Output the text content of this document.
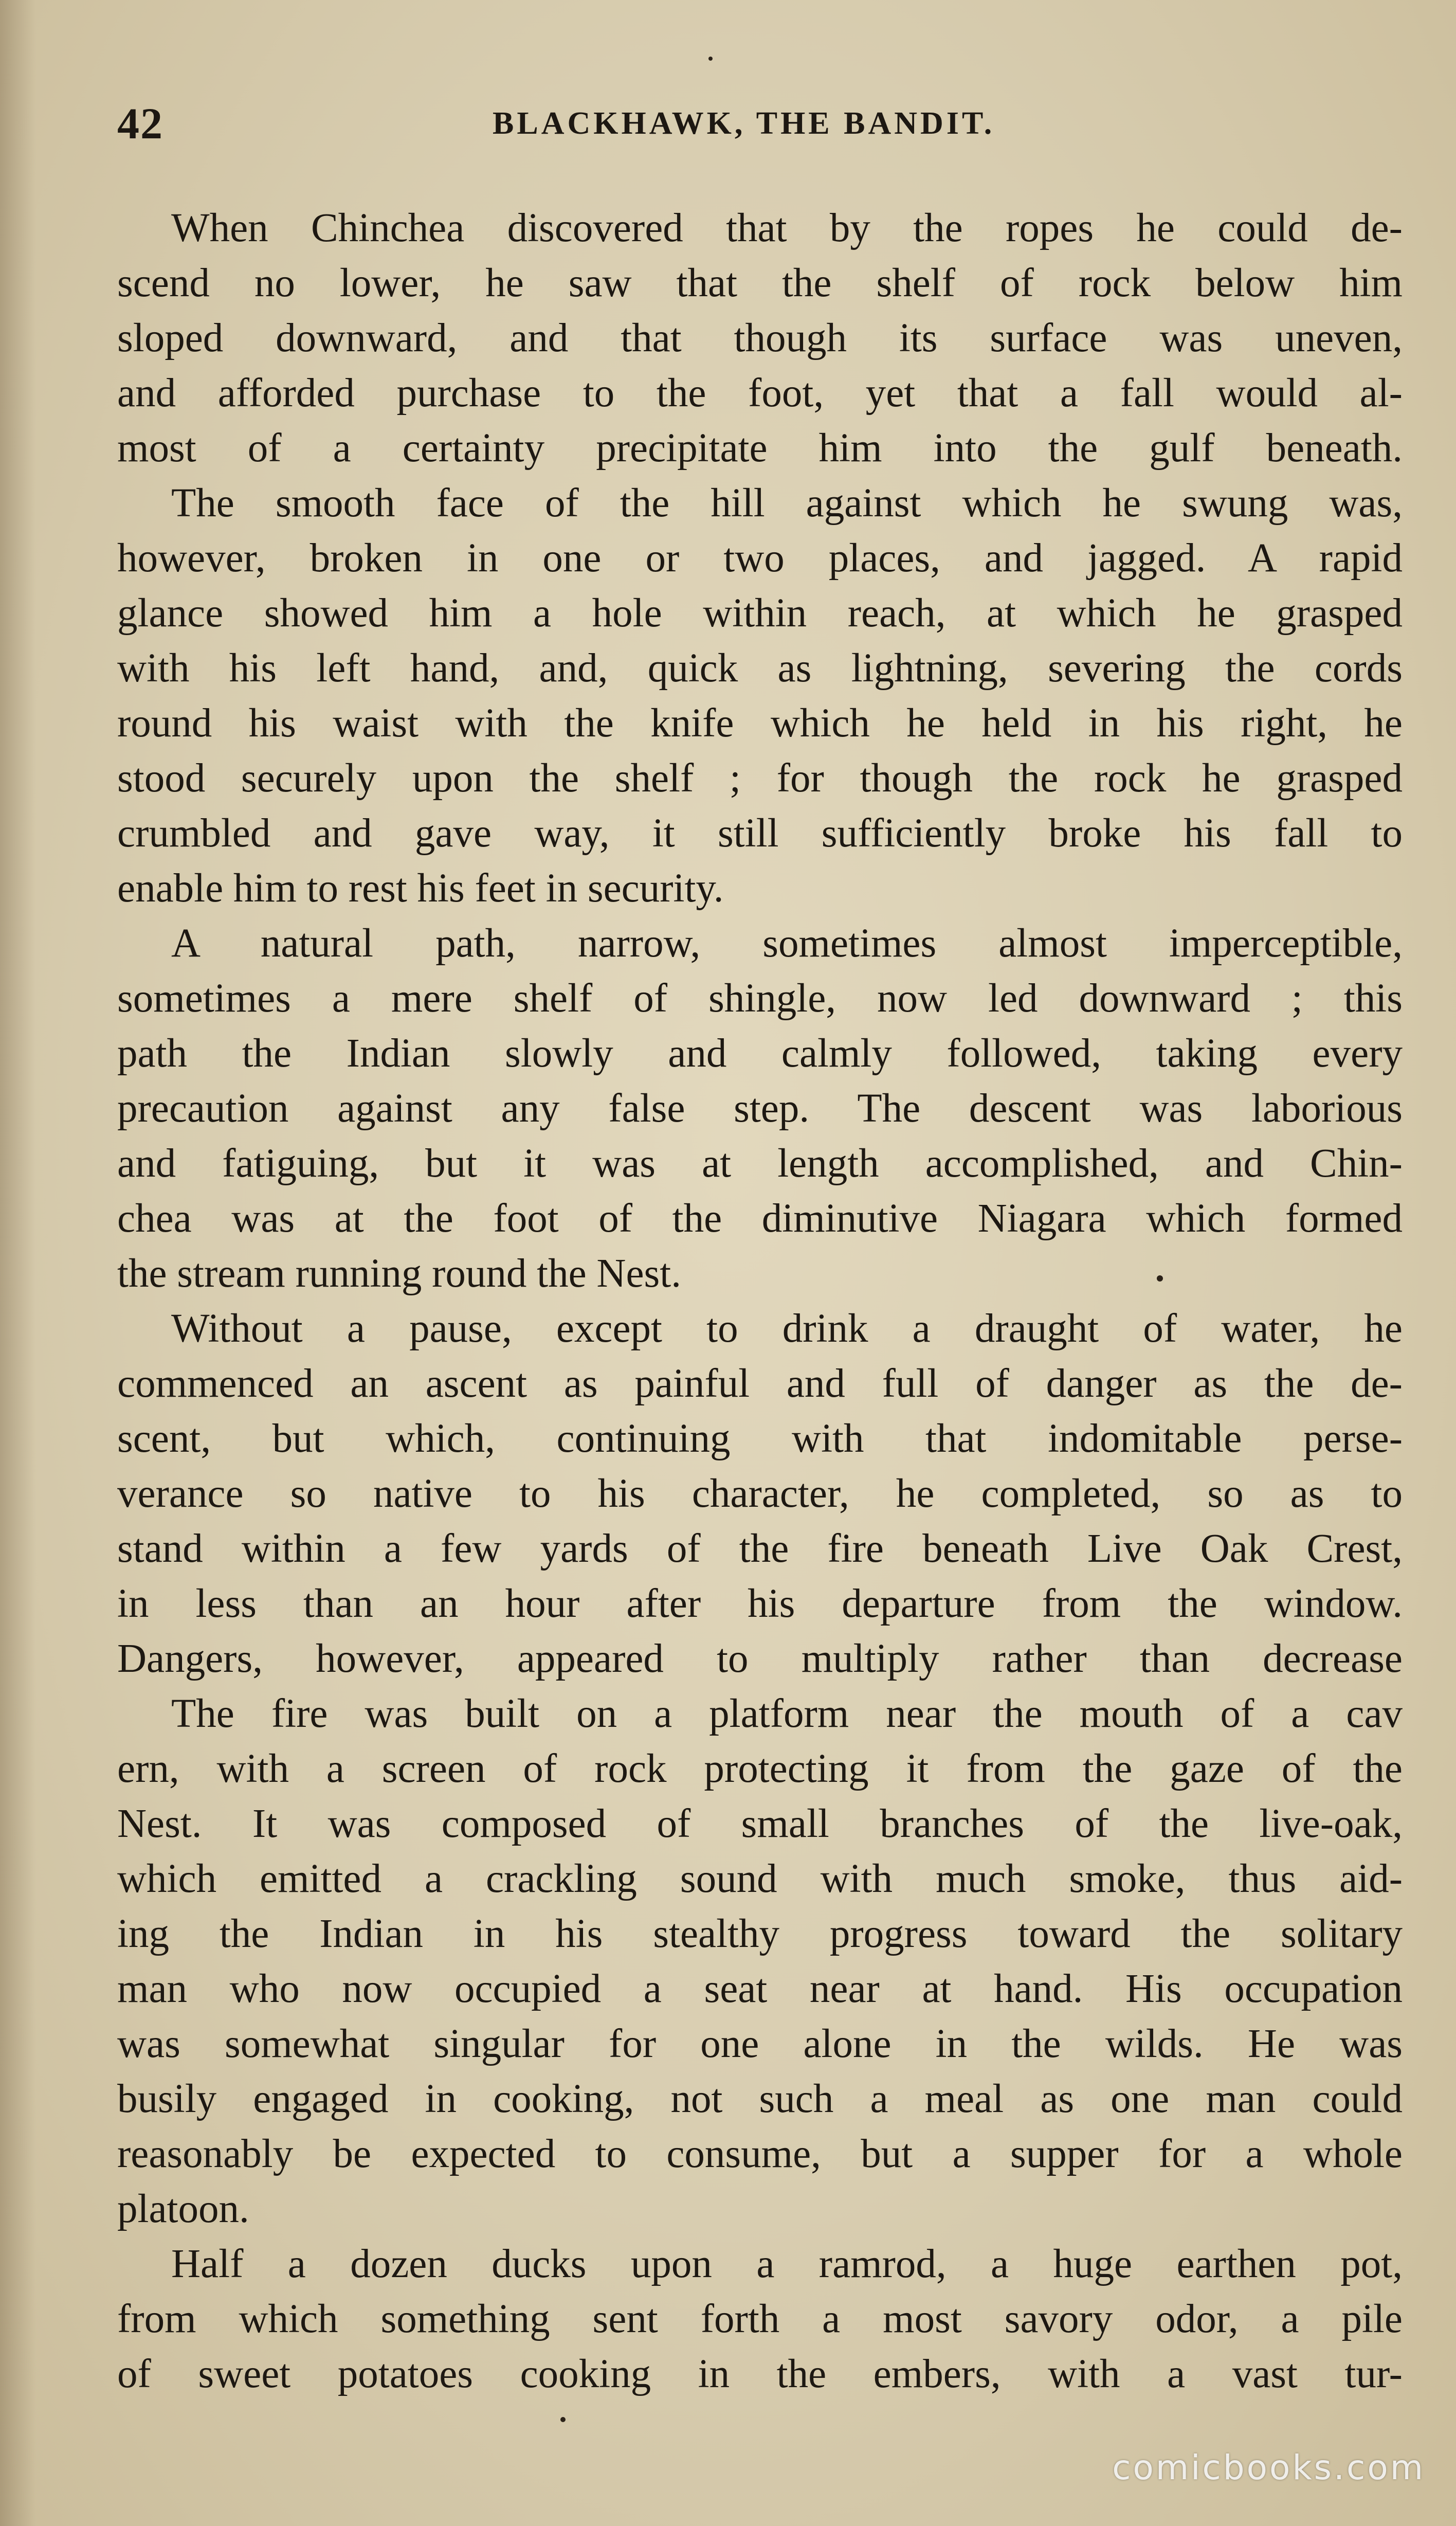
42	BLACKHAWK, THE BANDIT.
When Chinchea discovered that by the ropes he could de-
scend no lower, he saw that the shelf of rock below him
sloped downward, and that though its surface was uneven,
and afforded purchase to the foot, yet that a fall would al-
most of a certainty precipitate him into the gulf beneath.
The smooth face of the hill against which he swung was,
however, broken in one or two places, and jagged. A rapid
glance showed him a hole within reach, at which he grasped
with his left hand, and, quick as lightning, severing the cords
round his waist with the knife which he held in his right, he
stood securely upon the shelf ; for though the rock he grasped
crumbled and gave way, it still sufficiently broke his fall to
enable him to rest his feet in security.
A natural path, narrow, sometimes almost imperceptible,
sometimes a mere shelf of shingle, now led downward ; this
path the Indian slowly and calmly followed, taking every
precaution against any false step. The descent was laborious
and fatiguing, but it was at length accomplished, and Chin-
chea was at the foot of the diminutive Niagara which formed
the stream running round the Nest.
Without a pause, except to drink a draught of water, he
commenced an ascent as painful and full of danger as the de-
scent, but which, continuing with that indomitable perse-
verance so native to his character, he completed, so as to
stand within a few yards of the fire beneath Live Oak Crest,
in less than an hour after his departure from the window.
Dangers, however, appeared to multiply rather than decrease
The fire was built on a platform near the mouth of a cav
ern, with a screen of rock protecting it from the gaze of the
Nest. It was composed of small branches of the live-oak,
which emitted a crackling sound with much smoke, thus aid-
ing the Indian in his stealthy progress toward the solitary
man who now occupied a seat near at hand. His occupation
was somewhat singular for one alone in the wilds. He was
busily engaged in cooking, not such a meal as one man could
reasonably be expected to consume, but a supper for a whole
platoon.
Half a dozen ducks upon a ramrod, a huge earthen pot,
from which something sent forth a most savory odor, a pile
of sweet potatoes cooking in the embers, with a vast tur-
comicbooks.com
